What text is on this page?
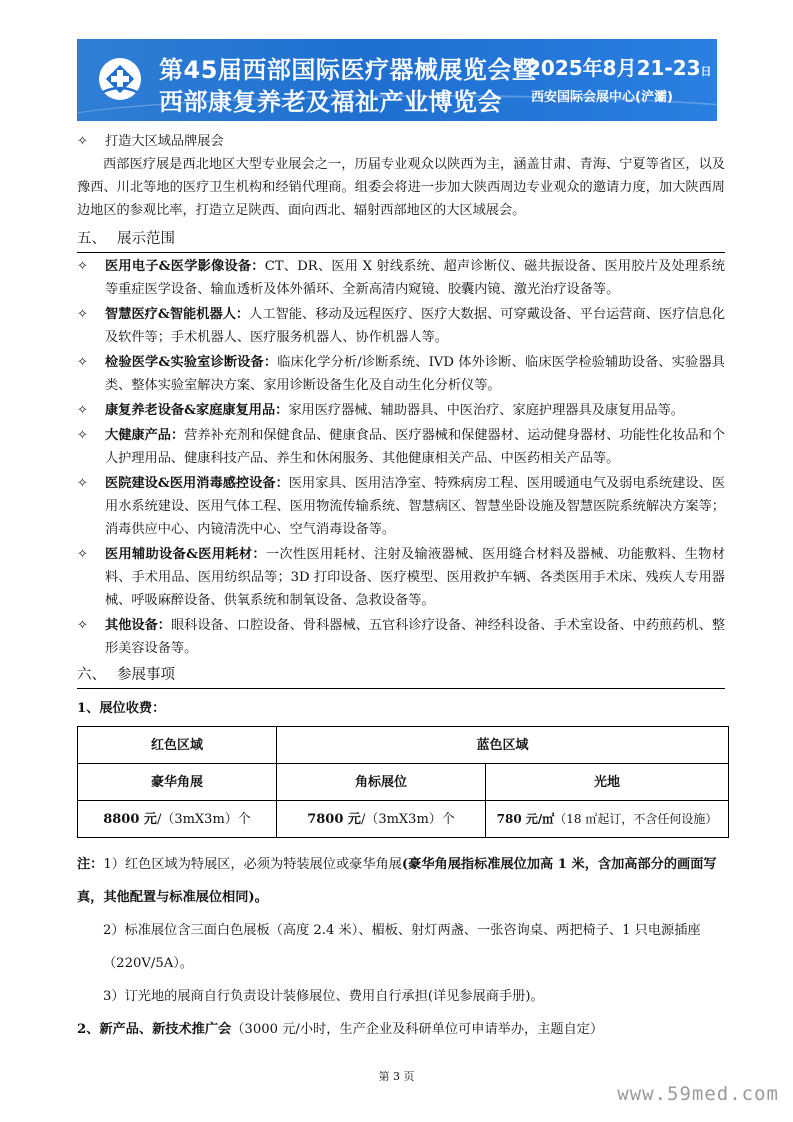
第45届西部国际医疗器械展览会暨
西部康复养老及福祉产业博览会
2025年8月21-23日
西安国际会展中心(浐灞)
✧	打造大区域品牌展会
西部医疗展是西北地区大型专业展会之一，历届专业观众以陕西为主，涵盖甘肃、青海、宁夏等省区，以及豫西、川北等地的医疗卫生机构和经销代理商。组委会将进一步加大陕西周边专业观众的邀请力度，加大陕西周边地区的参观比率，打造立足陕西、面向西北、辐射西部地区的大区域展会。
五、 展示范围
✧	医用电子&医学影像设备：CT、DR、医用 X 射线系统、超声诊断仪、磁共振设备、医用胶片及处理系统等重症医学设备、输血透析及体外循环、全新高清内窥镜、胶囊内镜、激光治疗设备等。
✧	智慧医疗&智能机器人：人工智能、移动及远程医疗、医疗大数据、可穿戴设备、平台运营商、医疗信息化及软件等；手术机器人、医疗服务机器人、协作机器人等。
✧	检验医学&实验室诊断设备：临床化学分析/诊断系统、IVD 体外诊断、临床医学检验辅助设备、实验器具类、整体实验室解决方案、家用诊断设备生化及自动生化分析仪等。
✧	康复养老设备&家庭康复用品：家用医疗器械、辅助器具、中医治疗、家庭护理器具及康复用品等。
✧	大健康产品：营养补充剂和保健食品、健康食品、医疗器械和保健器材、运动健身器材、功能性化妆品和个人护理用品、健康科技产品、养生和休闲服务、其他健康相关产品、中医药相关产品等。
✧	医院建设&医用消毒感控设备：医用家具、医用洁净室、特殊病房工程、医用暖通电气及弱电系统建设、医用水系统建设、医用气体工程、医用物流传输系统、智慧病区、智慧坐卧设施及智慧医院系统解决方案等；消毒供应中心、内镜清洗中心、空气消毒设备等。
✧	医用辅助设备&医用耗材：一次性医用耗材、注射及输液器械、医用缝合材料及器械、功能敷料、生物材料、手术用品、医用纺织品等；3D 打印设备、医疗模型、医用救护车辆、各类医用手术床、残疾人专用器械、呼吸麻醉设备、供氧系统和制氧设备、急救设备等。
✧	其他设备：眼科设备、口腔设备、骨科器械、五官科诊疗设备、神经科设备、手术室设备、中药煎药机、整形美容设备等。
六、 参展事项
1、展位收费：
红色区域	蓝色区域	
豪华角展	角标展位	光地
8800 元/（3mX3m）个	7800 元/（3mX3m）个	780 元/㎡（18 ㎡起订，不含任何设施）
注：1）红色区域为特展区，必须为特装展位或豪华角展(豪华角展指标准展位加高 1 米，含加高部分的画面写真，其他配置与标准展位相同)。
2）标准展位含三面白色展板（高度 2.4 米）、楣板、射灯两盏、一张咨询桌、两把椅子、1 只电源插座（220V/5A）。
3）订光地的展商自行负责设计装修展位、费用自行承担(详见参展商手册)。
2、新产品、新技术推广会（3000 元/小时，生产企业及科研单位可申请举办，主题自定）
第 3 页
www.59med.com
